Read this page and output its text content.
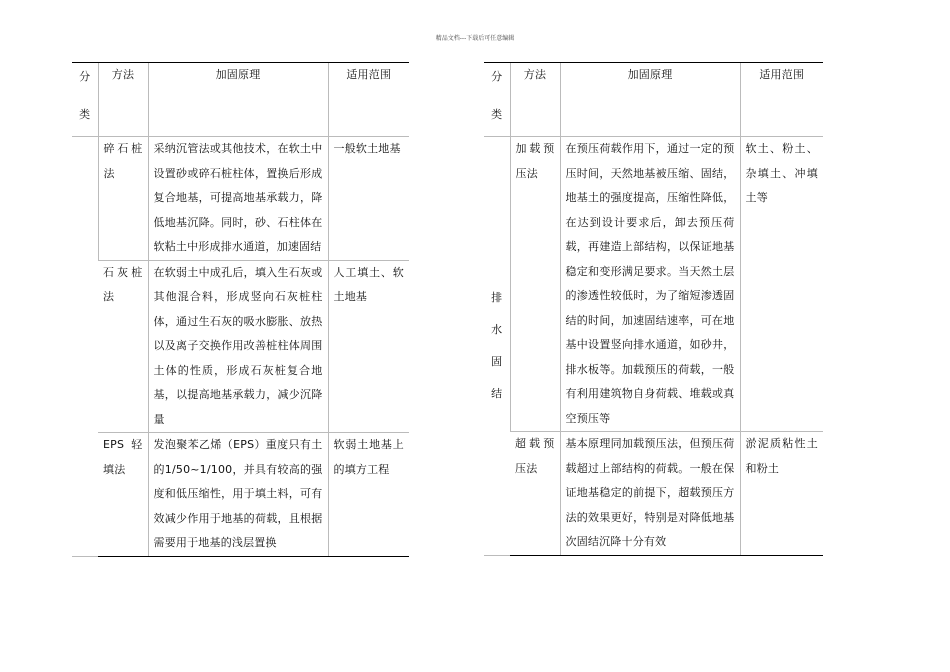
精品文档---下载后可任意编辑
分
类	方法	加固原理	适用范围
	碎石桩法	采纳沉管法或其他技术，在软土中设置砂或碎石桩柱体，置换后形成复合地基，可提高地基承载力，降低地基沉降。同时，砂、石柱体在软粘土中形成排水通道，加速固结	一般软土地基
	石灰桩法	在软弱土中成孔后，填入生石灰或其他混合料，形成竖向石灰桩柱体，通过生石灰的吸水膨胀、放热以及离子交换作用改善桩柱体周围土体的性质，形成石灰桩复合地基，以提高地基承载力，减少沉降量	人工填土、软土地基
	EPS轻填法	发泡聚苯乙烯（EPS）重度只有土的1/50~1/100，并具有较高的强度和低压缩性，用于填土料，可有效减少作用于地基的荷载，且根据需要用于地基的浅层置换	软弱土地基上的填方工程
分
类	方法	加固原理	适用范围

排
水
固
结	加载预压法	在预压荷载作用下，通过一定的预压时间，天然地基被压缩、固结，地基土的强度提高，压缩性降低，在达到设计要求后，卸去预压荷载，再建造上部结构，以保证地基稳定和变形满足要求。当天然土层的渗透性较低时，为了缩短渗透固结的时间，加速固结速率，可在地基中设置竖向排水通道，如砂井，排水板等。加载预压的荷载，一般有利用建筑物自身荷载、堆载或真空预压等	软土、粉土、杂填土、冲填土等
	超载预压法	基本原理同加载预压法，但预压荷载超过上部结构的荷载。一般在保证地基稳定的前提下，超载预压方法的效果更好，特别是对降低地基次固结沉降十分有效	淤泥质粘性土和粉土
